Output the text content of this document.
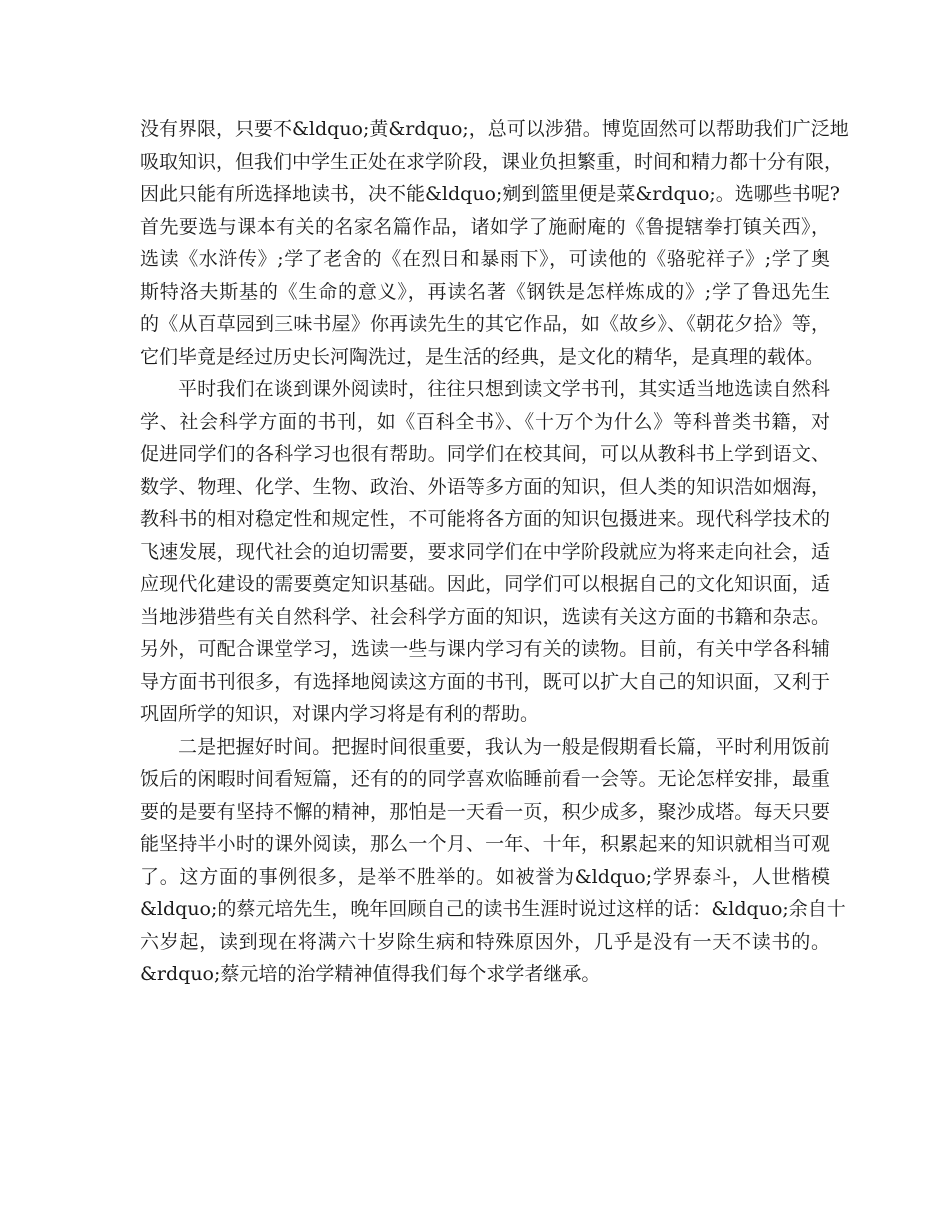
没有界限，只要不&ldquo;黄&rdquo;，总可以涉猎。博览固然可以帮助我们广泛地
吸取知识，但我们中学生正处在求学阶段，课业负担繁重，时间和精力都十分有限，
因此只能有所选择地读书，决不能&ldquo;剜到篮里便是菜&rdquo;。选哪些书呢?
首先要选与课本有关的名家名篇作品，诸如学了施耐庵的《鲁提辖拳打镇关西》，
选读《水浒传》;学了老舍的《在烈日和暴雨下》，可读他的《骆驼祥子》;学了奥
斯特洛夫斯基的《生命的意义》，再读名著《钢铁是怎样炼成的》;学了鲁迅先生
的《从百草园到三味书屋》你再读先生的其它作品，如《故乡》、《朝花夕拾》等，
它们毕竟是经过历史长河陶洗过，是生活的经典，是文化的精华，是真理的载体。
平时我们在谈到课外阅读时，往往只想到读文学书刊，其实适当地选读自然科
学、社会科学方面的书刊，如《百科全书》、《十万个为什么》等科普类书籍，对
促进同学们的各科学习也很有帮助。同学们在校其间，可以从教科书上学到语文、
数学、物理、化学、生物、政治、外语等多方面的知识，但人类的知识浩如烟海，
教科书的相对稳定性和规定性，不可能将各方面的知识包摄进来。现代科学技术的
飞速发展，现代社会的迫切需要，要求同学们在中学阶段就应为将来走向社会，适
应现代化建设的需要奠定知识基础。因此，同学们可以根据自己的文化知识面，适
当地涉猎些有关自然科学、社会科学方面的知识，选读有关这方面的书籍和杂志。
另外，可配合课堂学习，选读一些与课内学习有关的读物。目前，有关中学各科辅
导方面书刊很多，有选择地阅读这方面的书刊，既可以扩大自己的知识面，又利于
巩固所学的知识，对课内学习将是有利的帮助。
二是把握好时间。把握时间很重要，我认为一般是假期看长篇，平时利用饭前
饭后的闲暇时间看短篇，还有的的同学喜欢临睡前看一会等。无论怎样安排，最重
要的是要有坚持不懈的精神，那怕是一天看一页，积少成多，聚沙成塔。每天只要
能坚持半小时的课外阅读，那么一个月、一年、十年，积累起来的知识就相当可观
了。这方面的事例很多，是举不胜举的。如被誉为&ldquo;学界泰斗，人世楷模
&ldquo;的蔡元培先生，晚年回顾自己的读书生涯时说过这样的话：&ldquo;余自十
六岁起，读到现在将满六十岁除生病和特殊原因外，几乎是没有一天不读书的。
&rdquo;蔡元培的治学精神值得我们每个求学者继承。
